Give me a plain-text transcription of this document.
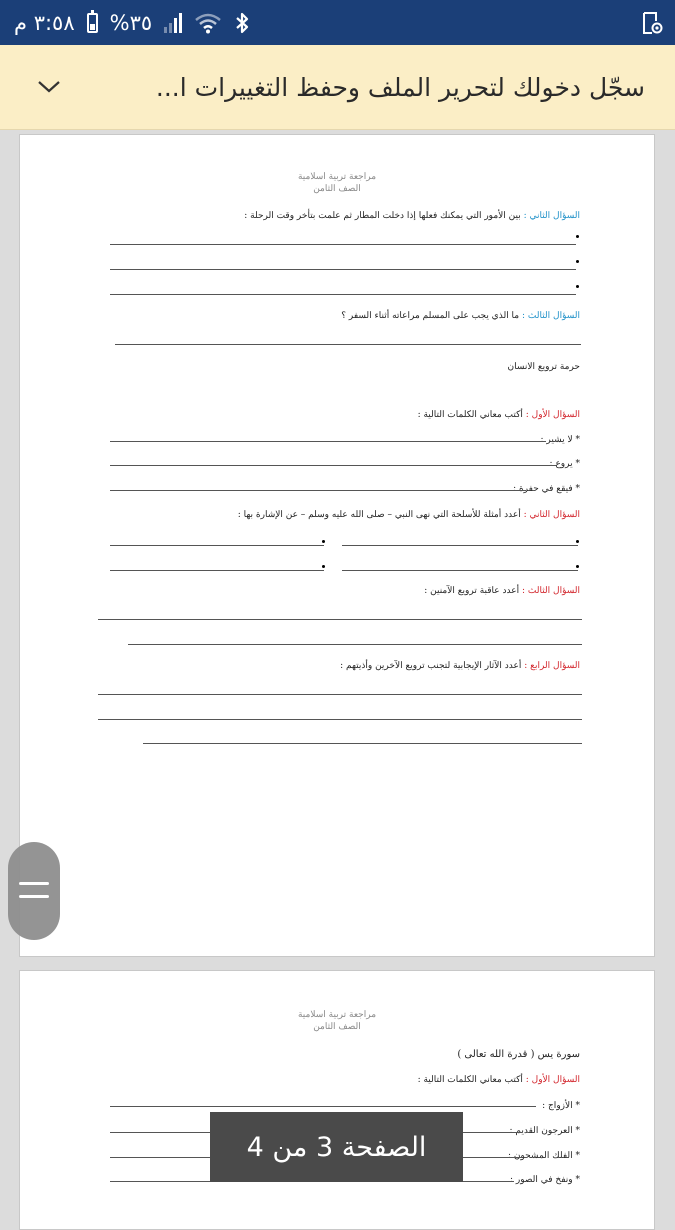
٣:٥٨ م %٣٥
سجّل دخولك لتحرير الملف وحفظ التغييرات ا...
مراجعة تربية اسلامية
الصف الثامن
السؤال الثاني : بين الأمور التي يمكنك فعلها إذا دخلت المطار ثم علمت بتأخر وقت الرحلة :
السؤال الثالث : ما الذي يجب على المسلم مراعاته أثناء السفر ؟
حرمة ترويع الانسان
السؤال الأول : أكتب معاني الكلمات التالية :
* لا يشير :
* يروع :
* فيقع في حفرة :
السؤال الثاني : أعدد أمثلة للأسلحة التي نهى النبي – صلى الله عليه وسلم – عن الإشارة بها :
السؤال الثالث : أعدد عاقبة ترويع الآمنين :
السؤال الرابع : أعدد الآثار الإيجابية لتجنب ترويع الآخرين وأذيتهم :
مراجعة تربية اسلامية
الصف الثامن
سورة يس ( قدرة الله تعالى )
السؤال الأول : أكتب معاني الكلمات التالية :
* الأزواج :
* العرجون القديم :
* الفلك المشحون :
* ونفخ في الصور :
الصفحة 3 من 4
